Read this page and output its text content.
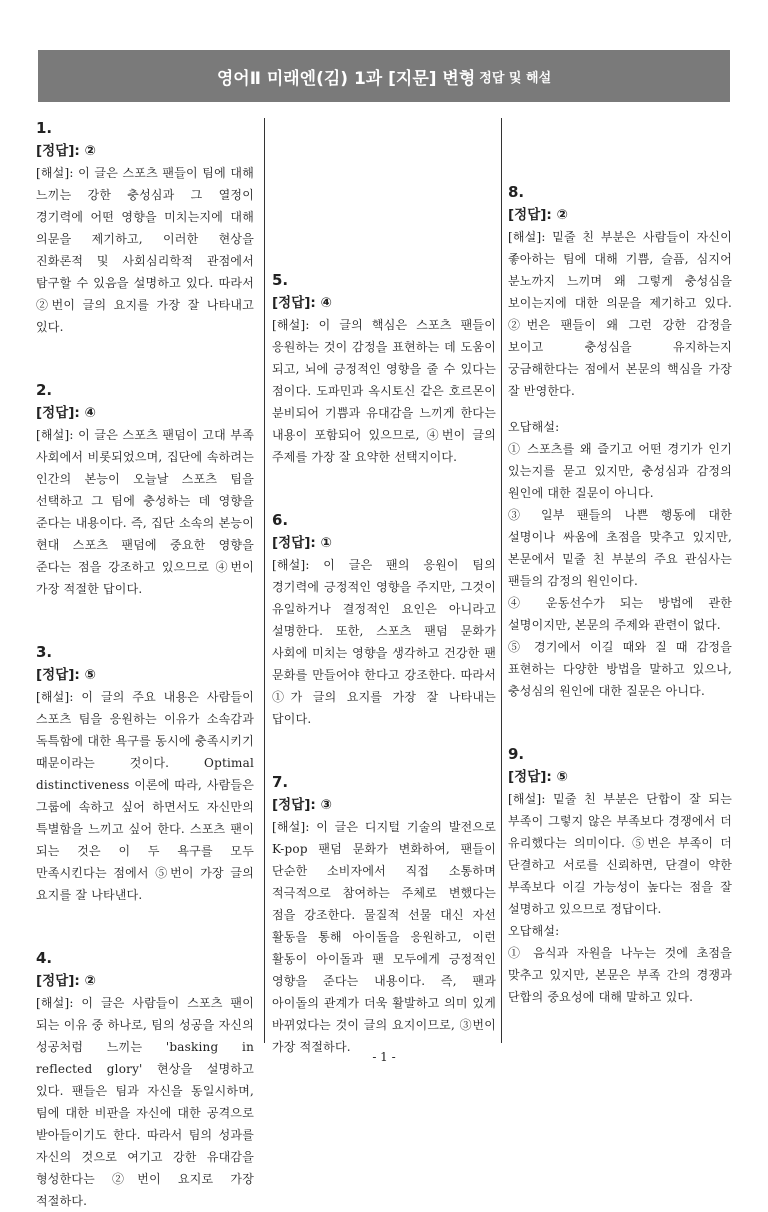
영어Ⅱ 미래엔(김) 1과 [지문] 변형 정답 및 해설
1.
[정답]: ②
[해설]: 이 글은 스포츠 팬들이 팀에 대해 느끼는 강한 충성심과 그 열정이 경기력에 어떤 영향을 미치는지에 대해 의문을 제기하고, 이러한 현상을 진화론적 및 사회심리학적 관점에서 탐구할 수 있음을 설명하고 있다. 따라서 ②번이 글의 요지를 가장 잘 나타내고 있다.
2.
[정답]: ④
[해설]: 이 글은 스포츠 팬덤이 고대 부족 사회에서 비롯되었으며, 집단에 속하려는 인간의 본능이 오늘날 스포츠 팀을 선택하고 그 팀에 충성하는 데 영향을 준다는 내용이다. 즉, 집단 소속의 본능이 현대 스포츠 팬덤에 중요한 영향을 준다는 점을 강조하고 있으므로 ④번이 가장 적절한 답이다.
3.
[정답]: ⑤
[해설]: 이 글의 주요 내용은 사람들이 스포츠 팀을 응원하는 이유가 소속감과 독특함에 대한 욕구를 동시에 충족시키기 때문이라는 것이다. Optimal distinctiveness 이론에 따라, 사람들은 그룹에 속하고 싶어 하면서도 자신만의 특별함을 느끼고 싶어 한다. 스포츠 팬이 되는 것은 이 두 욕구를 모두 만족시킨다는 점에서 ⑤번이 가장 글의 요지를 잘 나타낸다.
4.
[정답]: ②
[해설]: 이 글은 사람들이 스포츠 팬이 되는 이유 중 하나로, 팀의 성공을 자신의 성공처럼 느끼는 'basking in reflected glory' 현상을 설명하고 있다. 팬들은 팀과 자신을 동일시하며, 팀에 대한 비판을 자신에 대한 공격으로 받아들이기도 한다. 따라서 팀의 성과를 자신의 것으로 여기고 강한 유대감을 형성한다는 ②번이 요지로 가장 적절하다.
5.
[정답]: ④
[해설]: 이 글의 핵심은 스포츠 팬들이 응원하는 것이 감정을 표현하는 데 도움이 되고, 뇌에 긍정적인 영향을 줄 수 있다는 점이다. 도파민과 옥시토신 같은 호르몬이 분비되어 기쁨과 유대감을 느끼게 한다는 내용이 포함되어 있으므로, ④번이 글의 주제를 가장 잘 요약한 선택지이다.
6.
[정답]: ①
[해설]: 이 글은 팬의 응원이 팀의 경기력에 긍정적인 영향을 주지만, 그것이 유일하거나 결정적인 요인은 아니라고 설명한다. 또한, 스포츠 팬덤 문화가 사회에 미치는 영향을 생각하고 건강한 팬 문화를 만들어야 한다고 강조한다. 따라서 ①가 글의 요지를 가장 잘 나타내는 답이다.
7.
[정답]: ③
[해설]: 이 글은 디지털 기술의 발전으로 K-pop 팬덤 문화가 변화하여, 팬들이 단순한 소비자에서 직접 소통하며 적극적으로 참여하는 주체로 변했다는 점을 강조한다. 물질적 선물 대신 자선 활동을 통해 아이돌을 응원하고, 이런 활동이 아이돌과 팬 모두에게 긍정적인 영향을 준다는 내용이다. 즉, 팬과 아이돌의 관계가 더욱 활발하고 의미 있게 바뀌었다는 것이 글의 요지이므로, ③번이 가장 적절하다.
8.
[정답]: ②
[해설]: 밑줄 친 부분은 사람들이 자신이 좋아하는 팀에 대해 기쁨, 슬픔, 심지어 분노까지 느끼며 왜 그렇게 충성심을 보이는지에 대한 의문을 제기하고 있다. ②번은 팬들이 왜 그런 강한 감정을 보이고 충성심을 유지하는지 궁금해한다는 점에서 본문의 핵심을 가장 잘 반영한다.
오답해설:
① 스포츠를 왜 즐기고 어떤 경기가 인기 있는지를 묻고 있지만, 충성심과 감정의 원인에 대한 질문이 아니다.
③ 일부 팬들의 나쁜 행동에 대한 설명이나 싸움에 초점을 맞추고 있지만, 본문에서 밑줄 친 부분의 주요 관심사는 팬들의 감정의 원인이다.
④ 운동선수가 되는 방법에 관한 설명이지만, 본문의 주제와 관련이 없다.
⑤ 경기에서 이길 때와 질 때 감정을 표현하는 다양한 방법을 말하고 있으나, 충성심의 원인에 대한 질문은 아니다.
9.
[정답]: ⑤
[해설]: 밑줄 친 부분은 단합이 잘 되는 부족이 그렇지 않은 부족보다 경쟁에서 더 유리했다는 의미이다. ⑤번은 부족이 더 단결하고 서로를 신뢰하면, 단결이 약한 부족보다 이길 가능성이 높다는 점을 잘 설명하고 있으므로 정답이다.
오답해설:
① 음식과 자원을 나누는 것에 초점을 맞추고 있지만, 본문은 부족 간의 경쟁과 단합의 중요성에 대해 말하고 있다.
- 1 -
